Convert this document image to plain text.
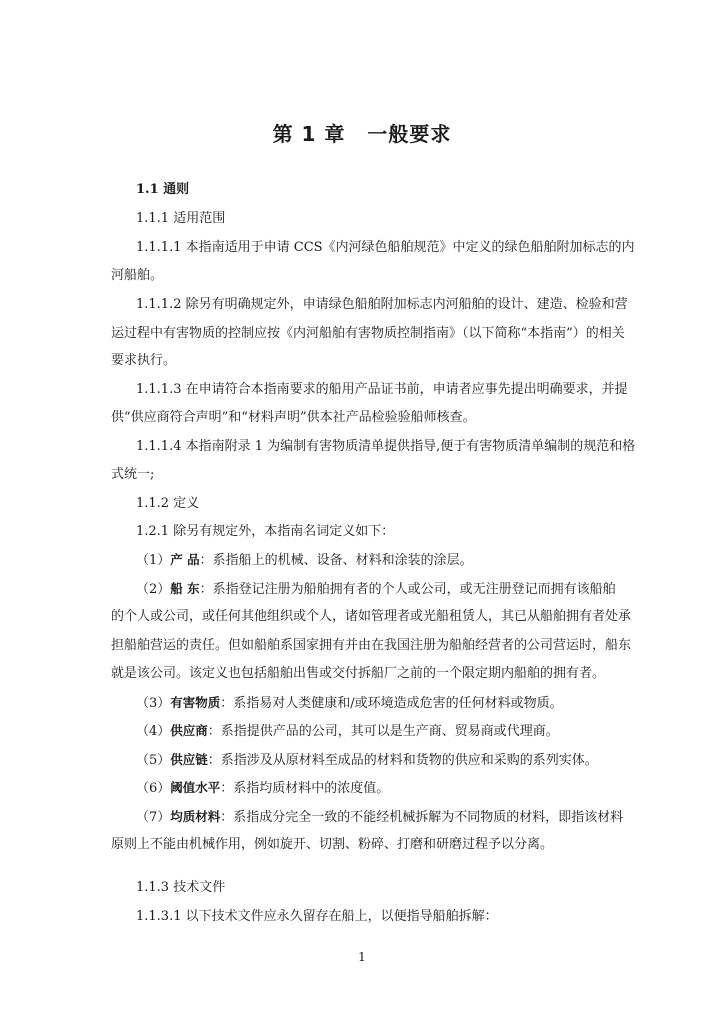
第 1 章 一般要求
1.1 通则
1.1.1 适用范围
1.1.1.1 本指南适用于申请 CCS《内河绿色船舶规范》中定义的绿色船舶附加标志的内
河船舶。
1.1.1.2 除另有明确规定外，申请绿色船舶附加标志内河船舶的设计、建造、检验和营
运过程中有害物质的控制应按《内河船舶有害物质控制指南》（以下简称“本指南”）的相关
要求执行。
1.1.1.3 在申请符合本指南要求的船用产品证书前，申请者应事先提出明确要求，并提
供“供应商符合声明”和“材料声明”供本社产品检验验船师核查。
1.1.1.4 本指南附录 1 为编制有害物质清单提供指导,便于有害物质清单编制的规范和格
式统一;
1.1.2 定义
1.2.1 除另有规定外，本指南名词定义如下：
（1）产 品：系指船上的机械、设备、材料和涂装的涂层。
（2）船 东：系指登记注册为船舶拥有者的个人或公司，或无注册登记而拥有该船舶
的个人或公司，或任何其他组织或个人，诸如管理者或光船租赁人，其已从船舶拥有者处承
担船舶营运的责任。但如船舶系国家拥有并由在我国注册为船舶经营者的公司营运时，船东
就是该公司。该定义也包括船舶出售或交付拆船厂之前的一个限定期内船舶的拥有者。
（3）有害物质：系指易对人类健康和/或环境造成危害的任何材料或物质。
（4）供应商：系指提供产品的公司，其可以是生产商、贸易商或代理商。
（5）供应链：系指涉及从原材料至成品的材料和货物的供应和采购的系列实体。
（6）阈值水平：系指均质材料中的浓度值。
（7）均质材料：系指成分完全一致的不能经机械拆解为不同物质的材料，即指该材料
原则上不能由机械作用，例如旋开、切割、粉碎、打磨和研磨过程予以分离。
1.1.3 技术文件
1.1.3.1 以下技术文件应永久留存在船上，以便指导船舶拆解：
1
